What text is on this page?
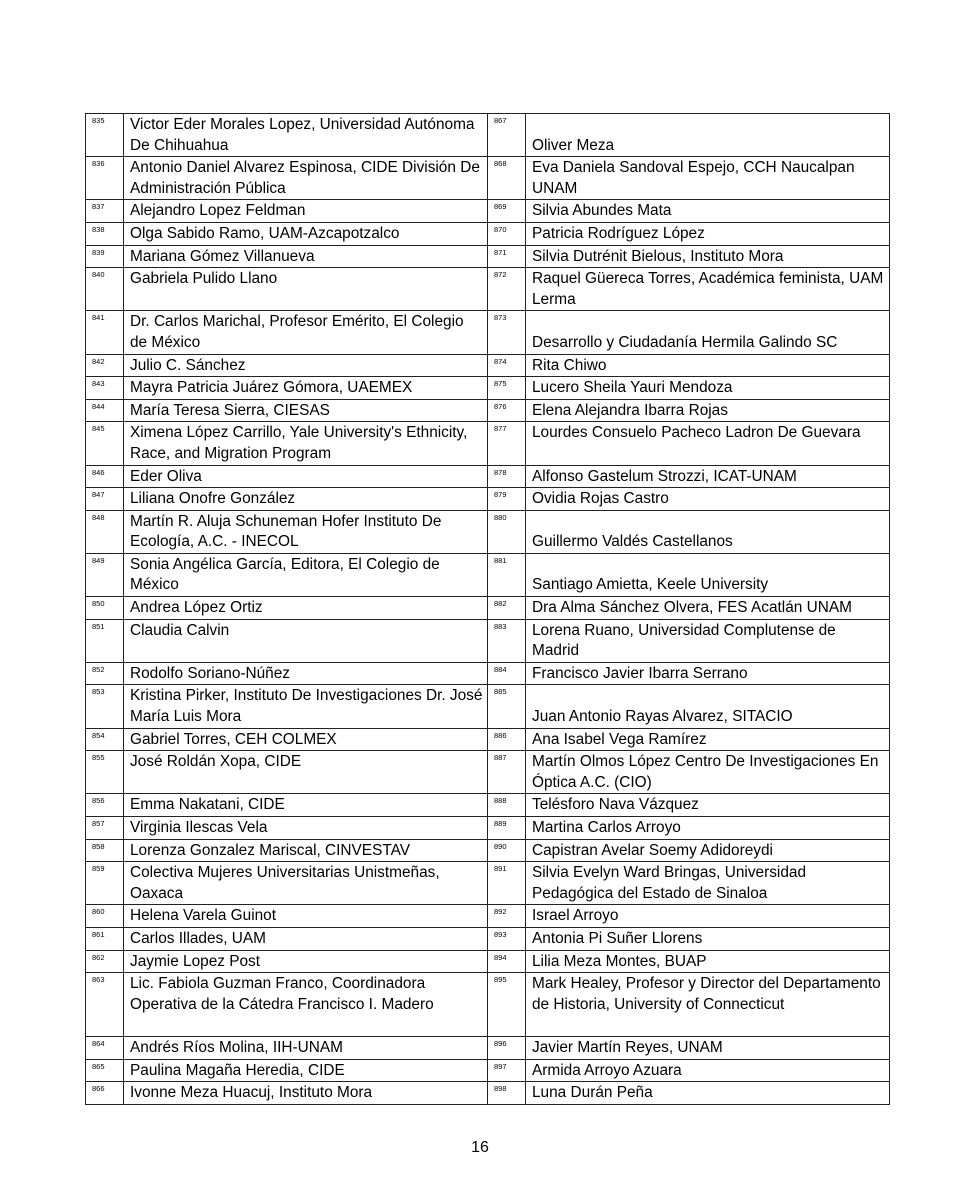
835	Victor Eder Morales Lopez, Universidad Autónoma De Chihuahua	867	Oliver Meza
836	Antonio Daniel Alvarez Espinosa, CIDE División De Administración Pública	868	Eva Daniela Sandoval Espejo, CCH Naucalpan UNAM
837	Alejandro Lopez Feldman	869	Silvia Abundes Mata
838	Olga Sabido Ramo, UAM-Azcapotzalco	870	Patricia Rodríguez López
839	Mariana Gómez Villanueva	871	Silvia Dutrénit Bielous, Instituto Mora
840	Gabriela Pulido Llano	872	Raquel Güereca Torres, Académica feminista, UAM Lerma
841	Dr. Carlos Marichal, Profesor Emérito, El Colegio de México	873	Desarrollo y Ciudadanía Hermila Galindo SC
842	Julio C. Sánchez	874	Rita Chiwo
843	Mayra Patricia Juárez Gómora, UAEMEX	875	Lucero Sheila Yauri Mendoza
844	María Teresa Sierra, CIESAS	876	Elena Alejandra Ibarra Rojas
845	Ximena López Carrillo, Yale University's Ethnicity, Race, and Migration Program	877	Lourdes Consuelo Pacheco Ladron De Guevara
846	Eder Oliva	878	Alfonso Gastelum Strozzi, ICAT-UNAM
847	Liliana Onofre González	879	Ovidia Rojas Castro
848	Martín R. Aluja Schuneman Hofer Instituto De Ecología, A.C. - INECOL	880	Guillermo Valdés Castellanos
849	Sonia Angélica García, Editora, El Colegio de México	881	Santiago Amietta, Keele University
850	Andrea López Ortiz	882	Dra Alma Sánchez Olvera, FES Acatlán UNAM
851	Claudia Calvin	883	Lorena Ruano, Universidad Complutense de Madrid
852	Rodolfo Soriano-Núñez	884	Francisco Javier Ibarra Serrano
853	Kristina Pirker, Instituto De Investigaciones Dr. José María Luis Mora	885	Juan Antonio Rayas Alvarez, SITACIO
854	Gabriel Torres, CEH COLMEX	886	Ana Isabel Vega Ramírez
855	José Roldán Xopa, CIDE	887	Martín Olmos López Centro De Investigaciones En Óptica A.C. (CIO)
856	Emma Nakatani, CIDE	888	Telésforo Nava Vázquez
857	Virginia Ilescas Vela	889	Martina Carlos Arroyo
858	Lorenza Gonzalez Mariscal, CINVESTAV	890	Capistran Avelar Soemy Adidoreydi
859	Colectiva Mujeres Universitarias Unistmeñas, Oaxaca	891	Silvia Evelyn Ward Bringas, Universidad Pedagógica del Estado de Sinaloa
860	Helena Varela Guinot	892	Israel Arroyo
861	Carlos Illades, UAM	893	Antonia Pi Suñer Llorens
862	Jaymie Lopez Post	894	Lilia Meza Montes, BUAP
863	Lic. Fabiola Guzman Franco, Coordinadora Operativa de la Cátedra Francisco I. Madero	895	Mark Healey, Profesor y Director del Departamento de Historia, University of Connecticut
864	Andrés Ríos Molina, IIH-UNAM	896	Javier Martín Reyes, UNAM
865	Paulina Magaña Heredia, CIDE	897	Armida Arroyo Azuara
866	Ivonne Meza Huacuj, Instituto Mora	898	Luna Durán Peña
16
